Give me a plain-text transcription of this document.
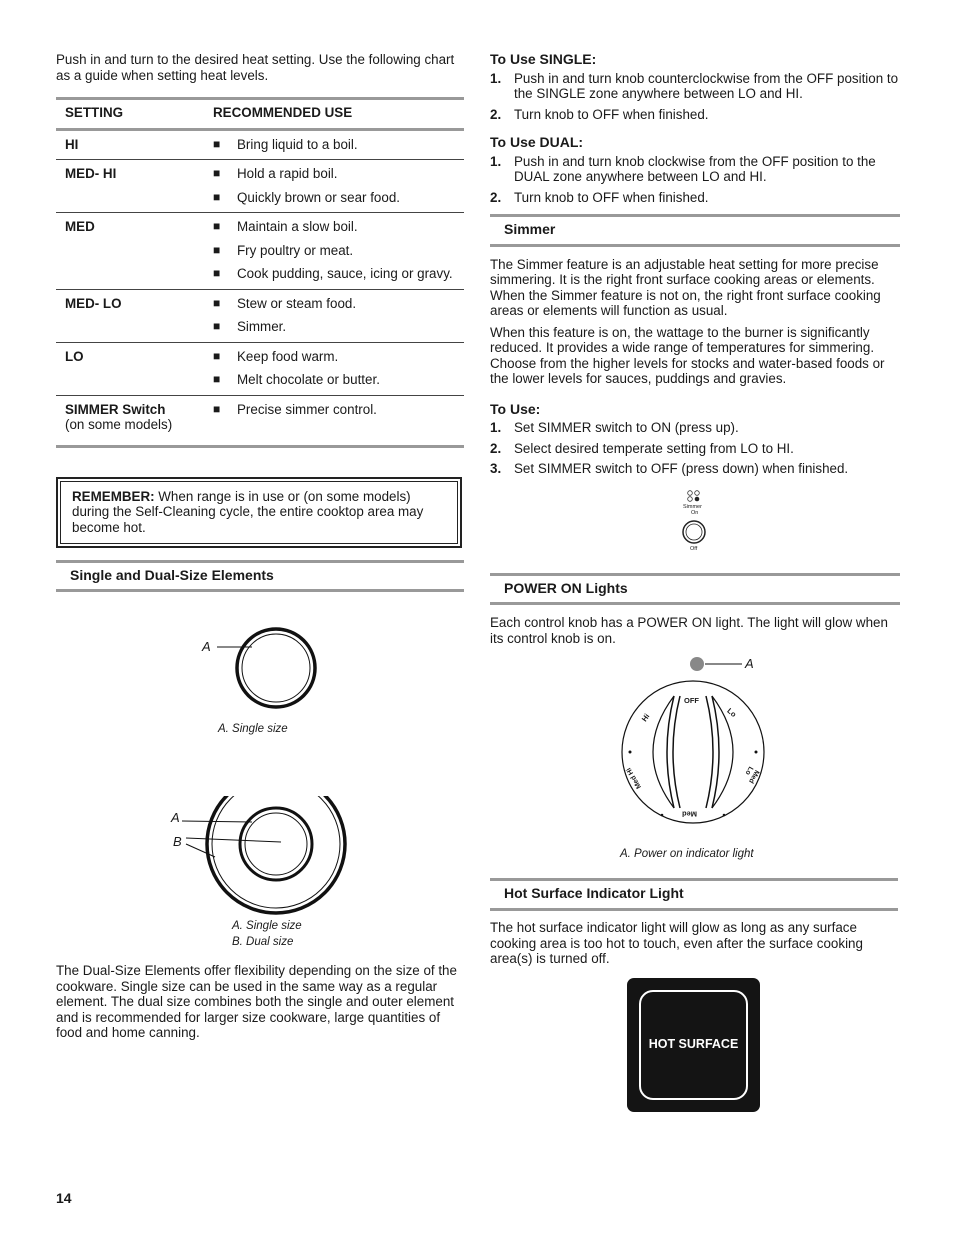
Push in and turn to the desired heat setting. Use the following chart as a guide when setting heat levels.

SETTING	RECOMMENDED USE
HI	■ Bring liquid to a boil.

MED- HI	■ Hold a rapid boil.
■ Quickly brown or sear food.

MED	■ Maintain a slow boil.
■ Fry poultry or meat.
■ Cook pudding, sauce, icing or gravy.

MED- LO	■ Stew or steam food.
■ Simmer.

LO	■ Keep food warm.
■ Melt chocolate or butter.

SIMMER Switch
(on some models)	■ Precise simmer control.
REMEMBER: When range is in use or (on some models) during the Self-Cleaning cycle, the entire cooktop area may become hot.
Single and Dual-Size Elements
A
A. Single size
A
B
A. Single size
B. Dual size

The Dual-Size Elements offer flexibility depending on the size of the cookware. Single size can be used in the same way as a regular element. The dual size combines both the single and outer element and is recommended for larger size cookware, large quantities of food and home canning.

To Use SINGLE:
1. Push in and turn knob counterclockwise from the OFF position to the SINGLE zone anywhere between LO and HI.
2. Turn knob to OFF when finished.
To Use DUAL:
1. Push in and turn knob clockwise from the OFF position to the DUAL zone anywhere between LO and HI.
2. Turn knob to OFF when finished.
Simmer

The Simmer feature is an adjustable heat setting for more precise simmering. It is the right front surface cooking areas or elements. When the Simmer feature is not on, the right front surface cooking areas or elements will function as usual.

When this feature is on, the wattage to the burner is significantly reduced. It provides a wide range of temperatures for simmering. Choose from the higher levels for stocks and water-based foods or the lower levels for sauces, puddings and gravies.

To Use:
1. Set SIMMER switch to ON (press up).
2. Select desired temperate setting from LO to HI.
3. Set SIMMER switch to OFF (press down) when finished.
Simmer
On
Off
POWER ON Lights

Each control knob has a POWER ON light. The light will glow when its control knob is on.

A
OFF
Lo
Hi
Med
Med Hi	Med Lo
A. Power on indicator light
Hot Surface Indicator Light

The hot surface indicator light will glow as long as any surface cooking area is too hot to touch, even after the surface cooking area(s) is turned off.

HOT SURFACE
14
